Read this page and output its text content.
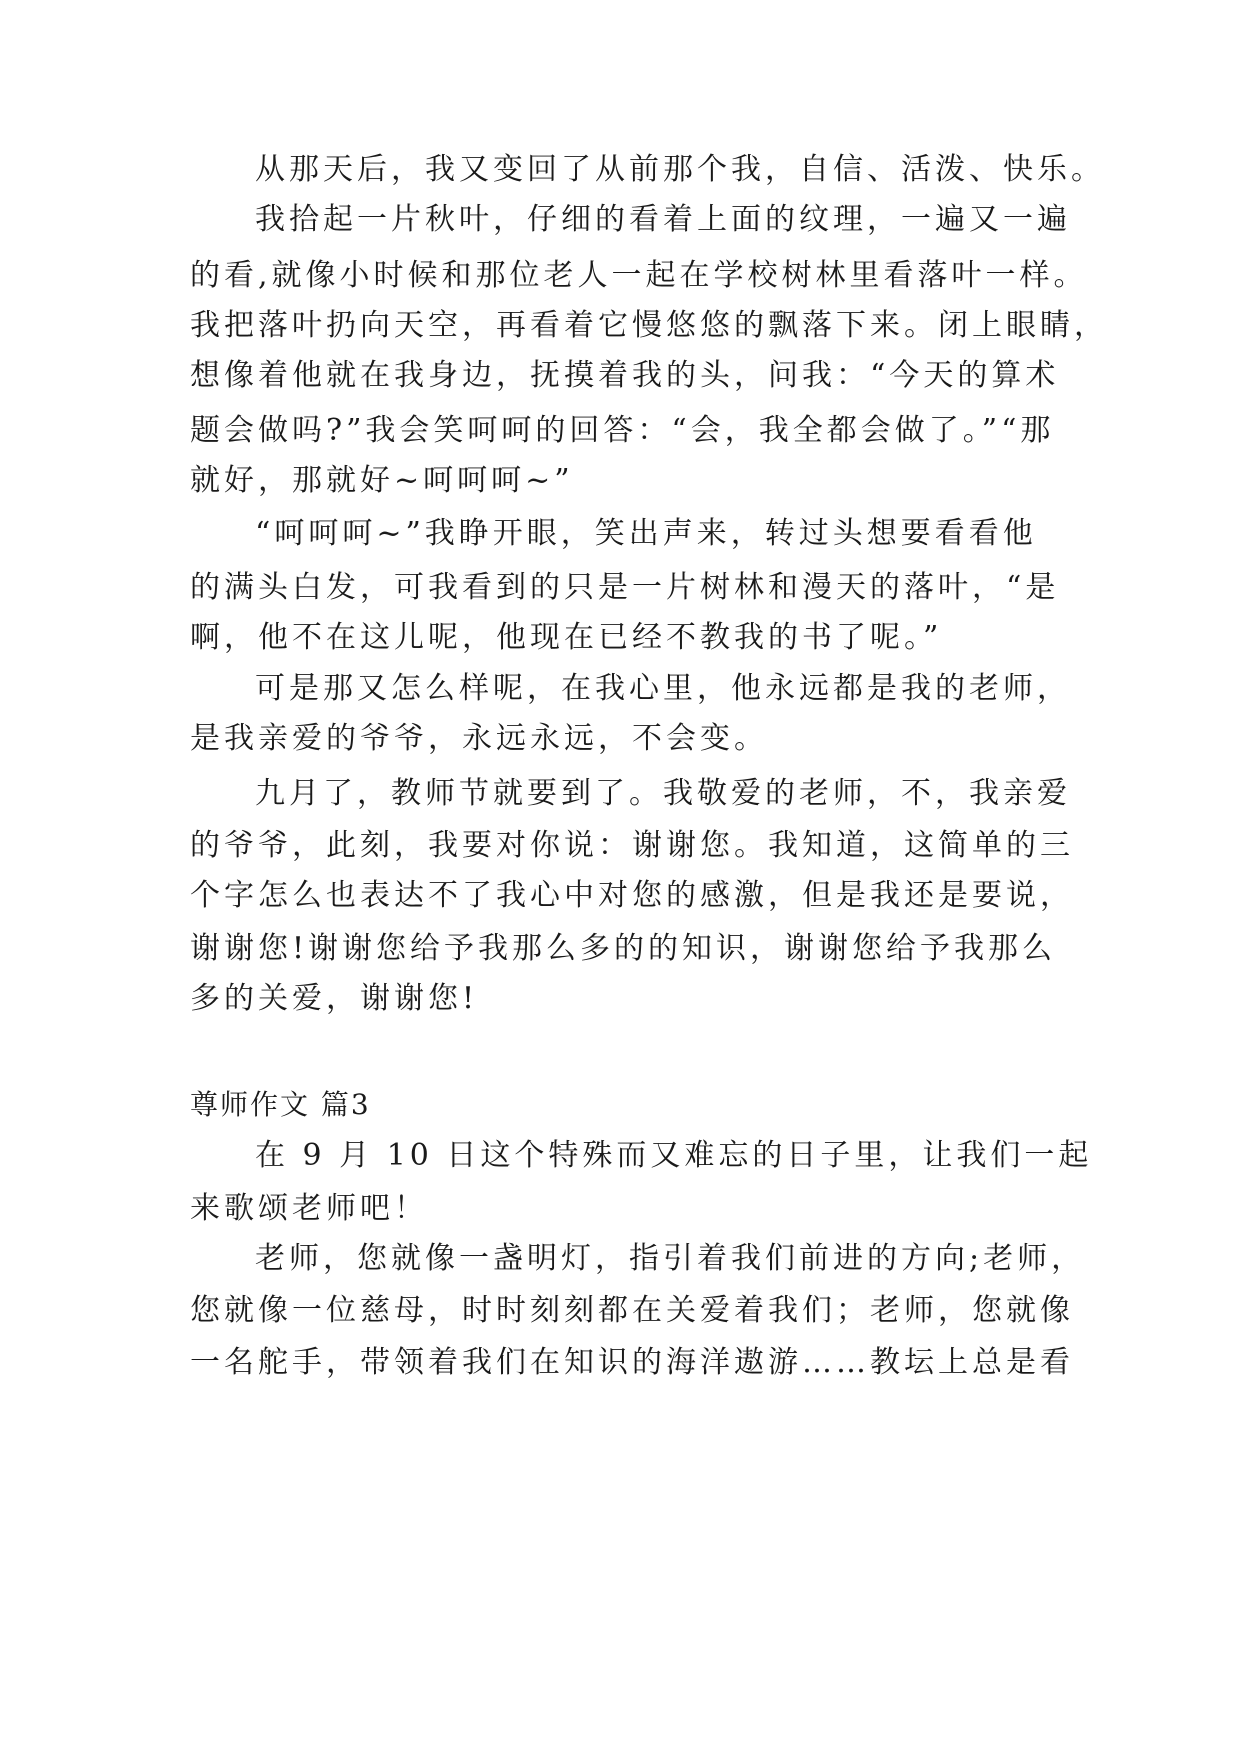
从那天后，我又变回了从前那个我，自信、活泼、快乐。
我拾起一片秋叶，仔细的看着上面的纹理，一遍又一遍
的看,就像小时候和那位老人一起在学校树林里看落叶一样。
我把落叶扔向天空，再看着它慢悠悠的飘落下来。闭上眼睛，
想像着他就在我身边，抚摸着我的头，问我：“今天的算术
题会做吗?”我会笑呵呵的回答：“会，我全都会做了。”“那
就好，那就好~呵呵呵~”
“呵呵呵~”我睁开眼，笑出声来，转过头想要看看他
的满头白发，可我看到的只是一片树林和漫天的落叶，“是
啊，他不在这儿呢，他现在已经不教我的书了呢。”
可是那又怎么样呢，在我心里，他永远都是我的老师，
是我亲爱的爷爷，永远永远，不会变。
九月了，教师节就要到了。我敬爱的老师，不，我亲爱
的爷爷，此刻，我要对你说：谢谢您。我知道，这简单的三
个字怎么也表达不了我心中对您的感激，但是我还是要说，
谢谢您!谢谢您给予我那么多的的知识，谢谢您给予我那么
多的关爱，谢谢您!
尊师作文 篇3
在 9 月 10 日这个特殊而又难忘的日子里，让我们一起
来歌颂老师吧！
老师，您就像一盏明灯，指引着我们前进的方向;老师，
您就像一位慈母，时时刻刻都在关爱着我们；老师，您就像
一名舵手，带领着我们在知识的海洋遨游……教坛上总是看
